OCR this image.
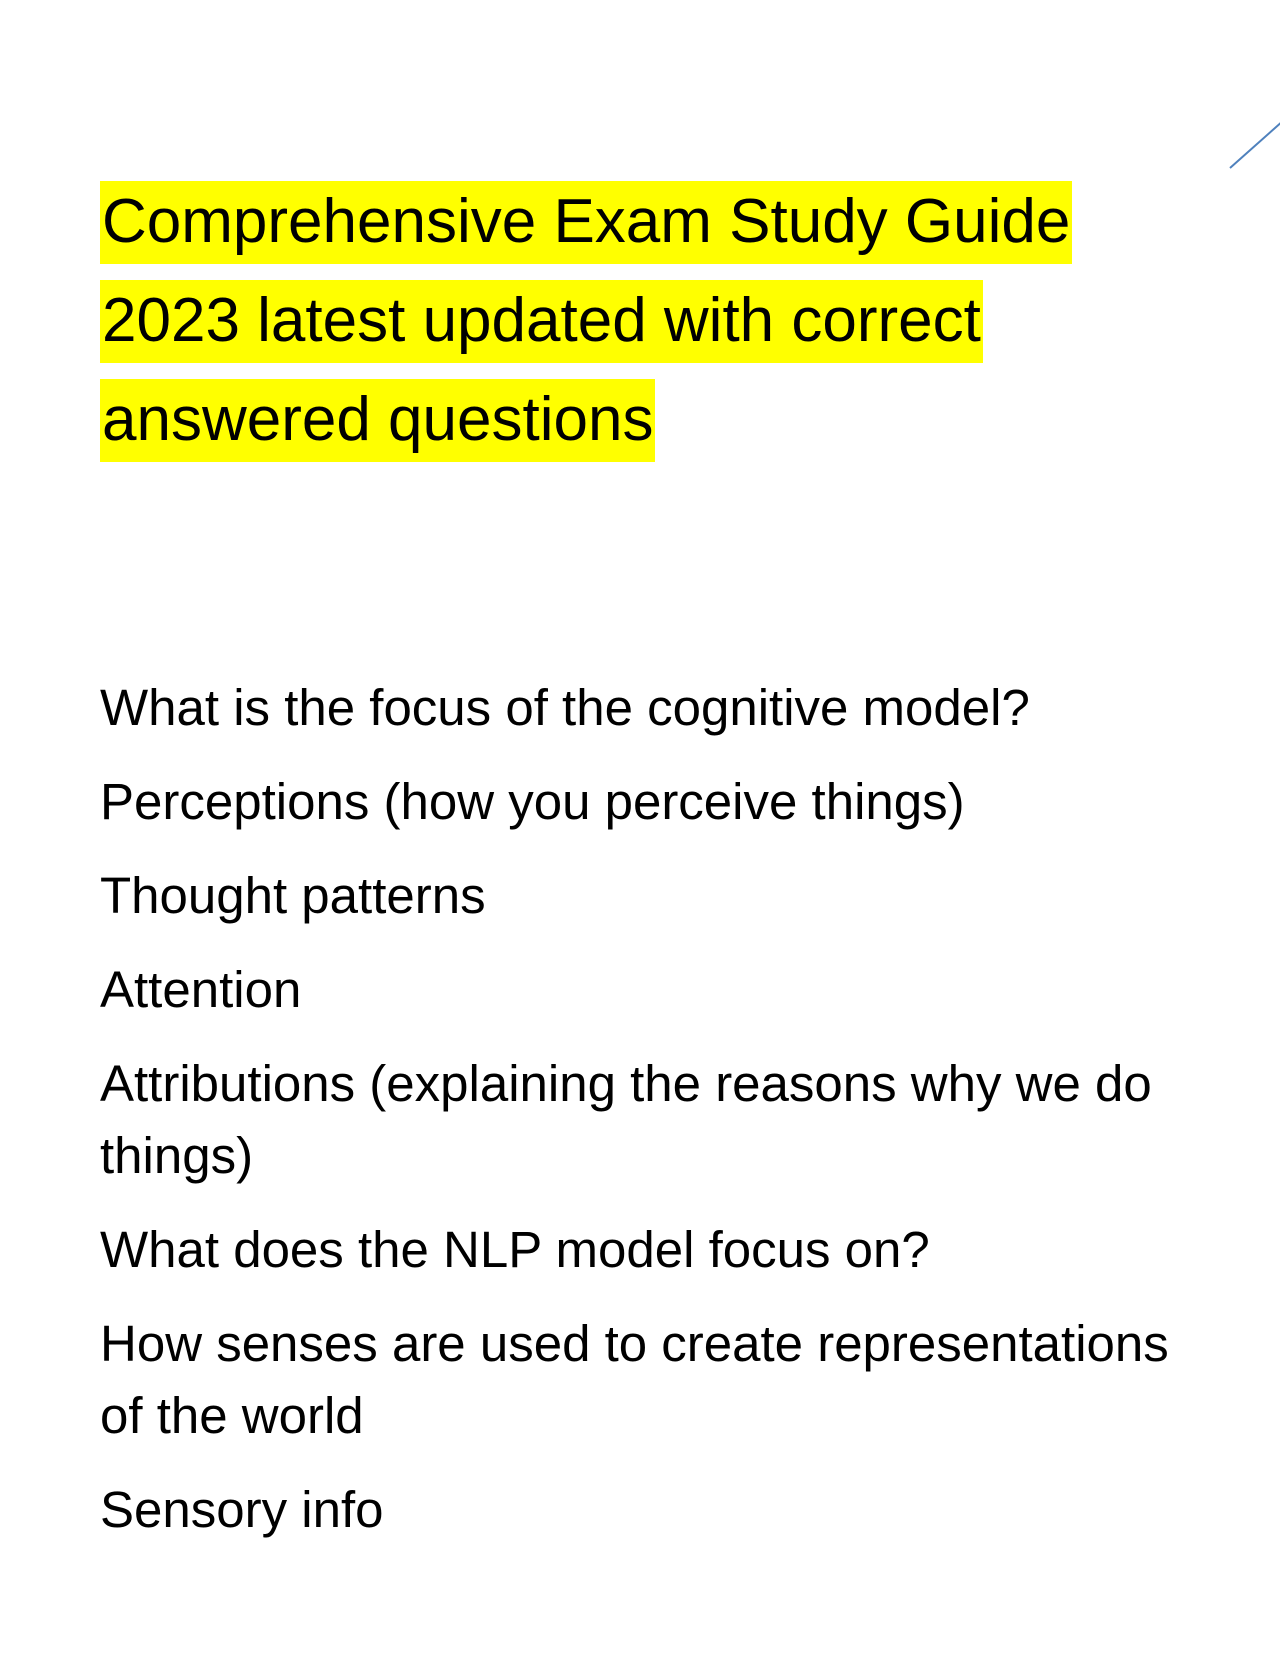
Comprehensive Exam Study Guide 2023 latest updated with correct answered questions
What is the focus of the cognitive model?
Perceptions (how you perceive things)
Thought patterns
Attention
Attributions (explaining the reasons why we do things)
What does the NLP model focus on?
How senses are used to create representations of the world
Sensory info
